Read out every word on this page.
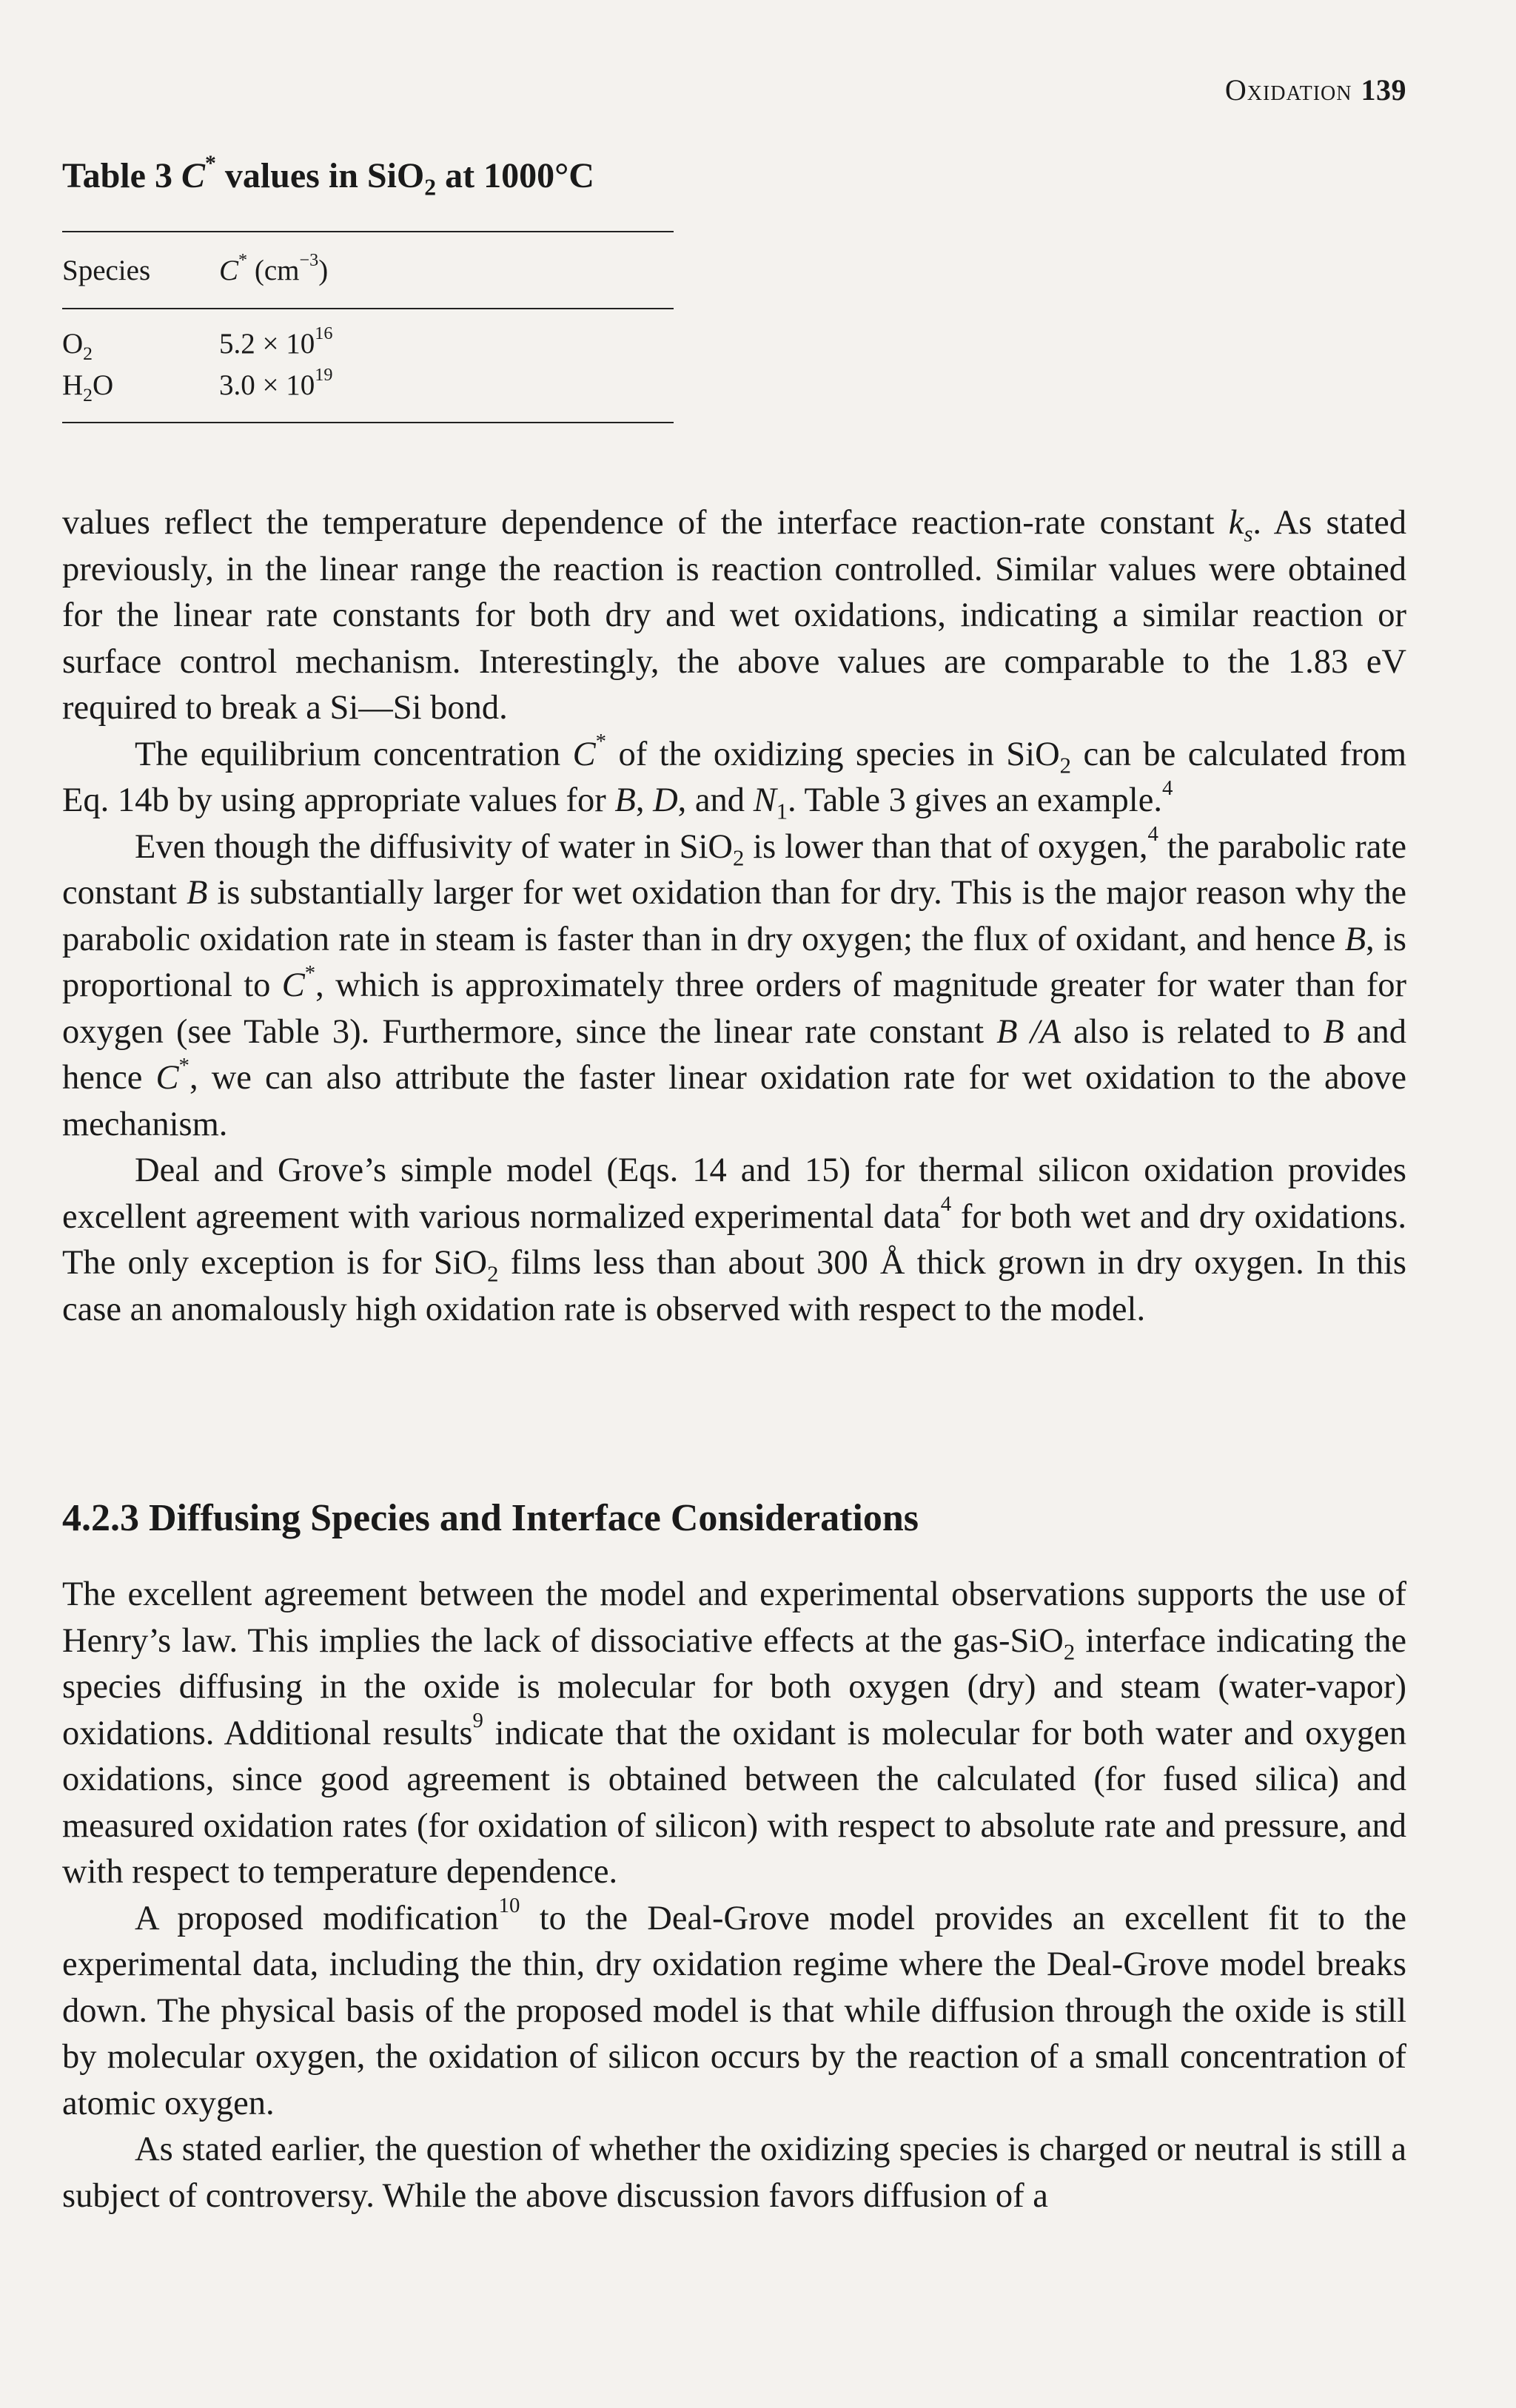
Oxidation 139
Table 3 C* values in SiO$_2$ at 1000°C
Species	C* $(cm^{-3})$
$O_2$	$5.2 \times 10^{16}$
$H_2O$	$3.0 \times 10^{19}$

values reflect the temperature dependence of the interface reaction-rate constant $k_s$. As stated previously, in the linear range the reaction is reaction controlled. Similar values were obtained for the linear rate constants for both dry and wet oxidations, indicating a similar reaction or surface control mechanism. Interestingly, the above values are comparable to the 1.83 eV required to break a Si—Si bond.

The equilibrium concentration C* of the oxidizing species in SiO$_2$ can be calculated from Eq. 14b by using appropriate values for B, D, and $N_1$. Table 3 gives an example.$^4$

Even though the diffusivity of water in SiO$_2$ is lower than that of oxygen,$^4$ the parabolic rate constant B is substantially larger for wet oxidation than for dry. This is the major reason why the parabolic oxidation rate in steam is faster than in dry oxygen; the flux of oxidant, and hence B, is proportional to C*, which is approximately three orders of magnitude greater for water than for oxygen (see Table 3). Furthermore, since the linear rate constant B /A also is related to B and hence C*, we can also attribute the faster linear oxidation rate for wet oxidation to the above mechanism.

Deal and Grove’s simple model (Eqs. 14 and 15) for thermal silicon oxidation provides excellent agreement with various normalized experimental data$^4$ for both wet and dry oxidations. The only exception is for SiO$_2$ films less than about 300 Å thick grown in dry oxygen. In this case an anomalously high oxidation rate is observed with respect to the model.

4.2.3 Diffusing Species and Interface Considerations

The excellent agreement between the model and experimental observations supports the use of Henry’s law. This implies the lack of dissociative effects at the gas-SiO$_2$ interface indicating the species diffusing in the oxide is molecular for both oxygen (dry) and steam (water-vapor) oxidations. Additional results$^9$ indicate that the oxidant is molecular for both water and oxygen oxidations, since good agreement is obtained between the calculated (for fused silica) and measured oxidation rates (for oxidation of silicon) with respect to absolute rate and pressure, and with respect to temperature dependence.

A proposed modification$^{10}$ to the Deal-Grove model provides an excellent fit to the experimental data, including the thin, dry oxidation regime where the Deal-Grove model breaks down. The physical basis of the proposed model is that while diffusion through the oxide is still by molecular oxygen, the oxidation of silicon occurs by the reaction of a small concentration of atomic oxygen.

As stated earlier, the question of whether the oxidizing species is charged or neutral is still a subject of controversy. While the above discussion favors diffusion of a
